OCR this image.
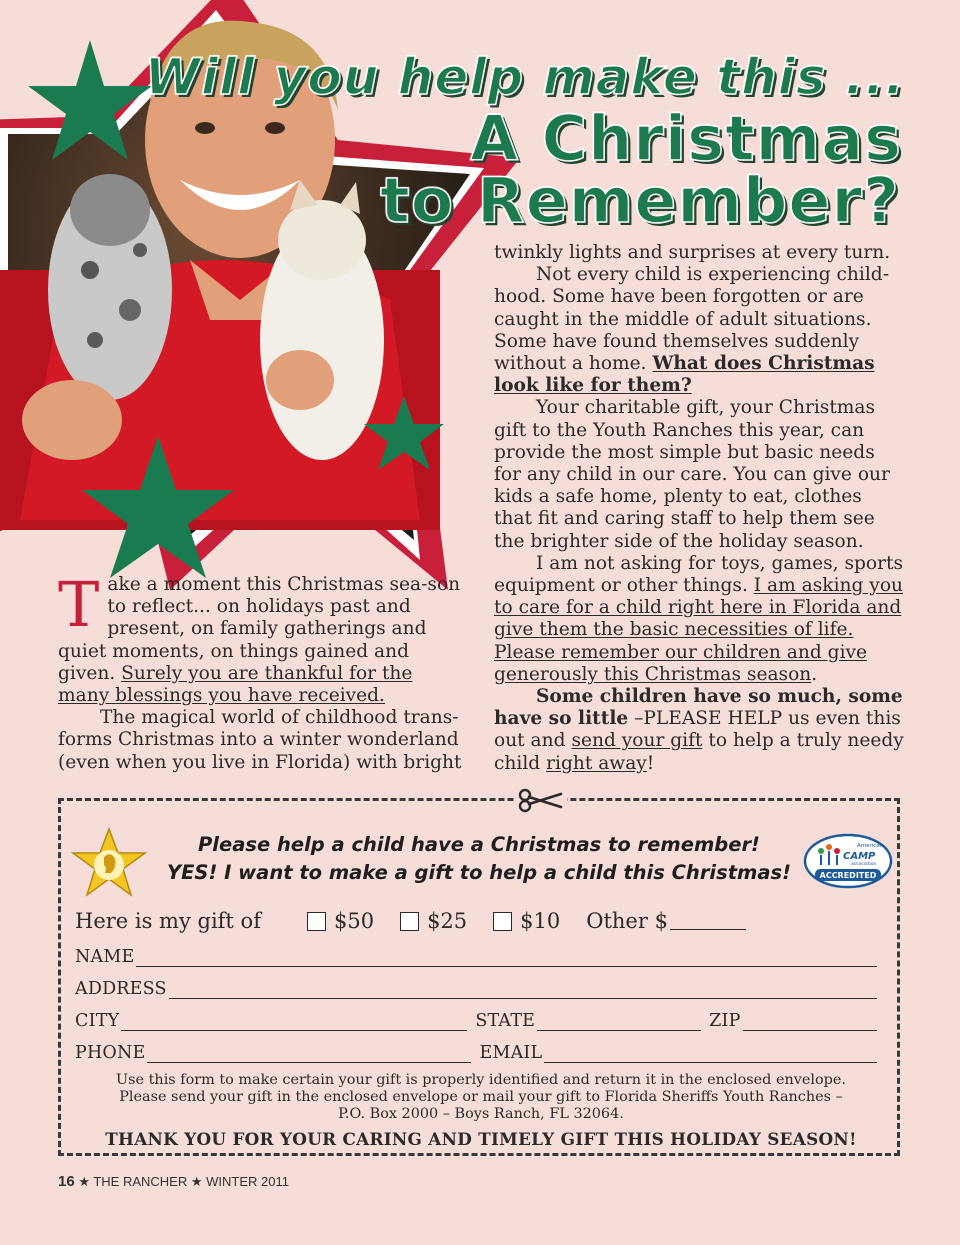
Will you help make this ...
A Christmas
to Remember?

Take a moment this Christmas sea-son to reflect... on holidays past and present, on family gatherings and quiet moments, on things gained and given. Surely you are thankful for the many blessings you have received.

The magical world of childhood trans-forms Christmas into a winter wonderland (even when you live in Florida) with bright

twinkly lights and surprises at every turn.

Not every child is experiencing child-hood. Some have been forgotten or are caught in the middle of adult situations. Some have found themselves suddenly without a home. What does Christmas look like for them?

Your charitable gift, your Christmas gift to the Youth Ranches this year, can provide the most simple but basic needs for any child in our care. You can give our kids a safe home, plenty to eat, clothes that fit and caring staff to help them see the brighter side of the holiday season.

I am not asking for toys, games, sports equipment or other things. I am asking you to care for a child right here in Florida and give them the basic necessities of life. Please remember our children and give generously this Christmas season.

Some children have so much, some have so little –PLEASE HELP us even this out and send your gift to help a truly needy child right away!

Please help a child have a Christmas to remember!
YES! I want to make a gift to help a child this Christmas!
American
CAMP
association
ACCREDITED
Here is my gift of	$50	$25	$10 Other $
NAME
ADDRESS
CITY	STATE	ZIP
PHONE	EMAIL
Use this form to make certain your gift is properly identified and return it in the enclosed envelope.
Please send your gift in the enclosed envelope or mail your gift to Florida Sheriffs Youth Ranches –
P.O. Box 2000 – Boys Ranch, FL 32064.
THANK YOU FOR YOUR CARING AND TIMELY GIFT THIS HOLIDAY SEASON!
16 ★ THE RANCHER ★ WINTER 2011
